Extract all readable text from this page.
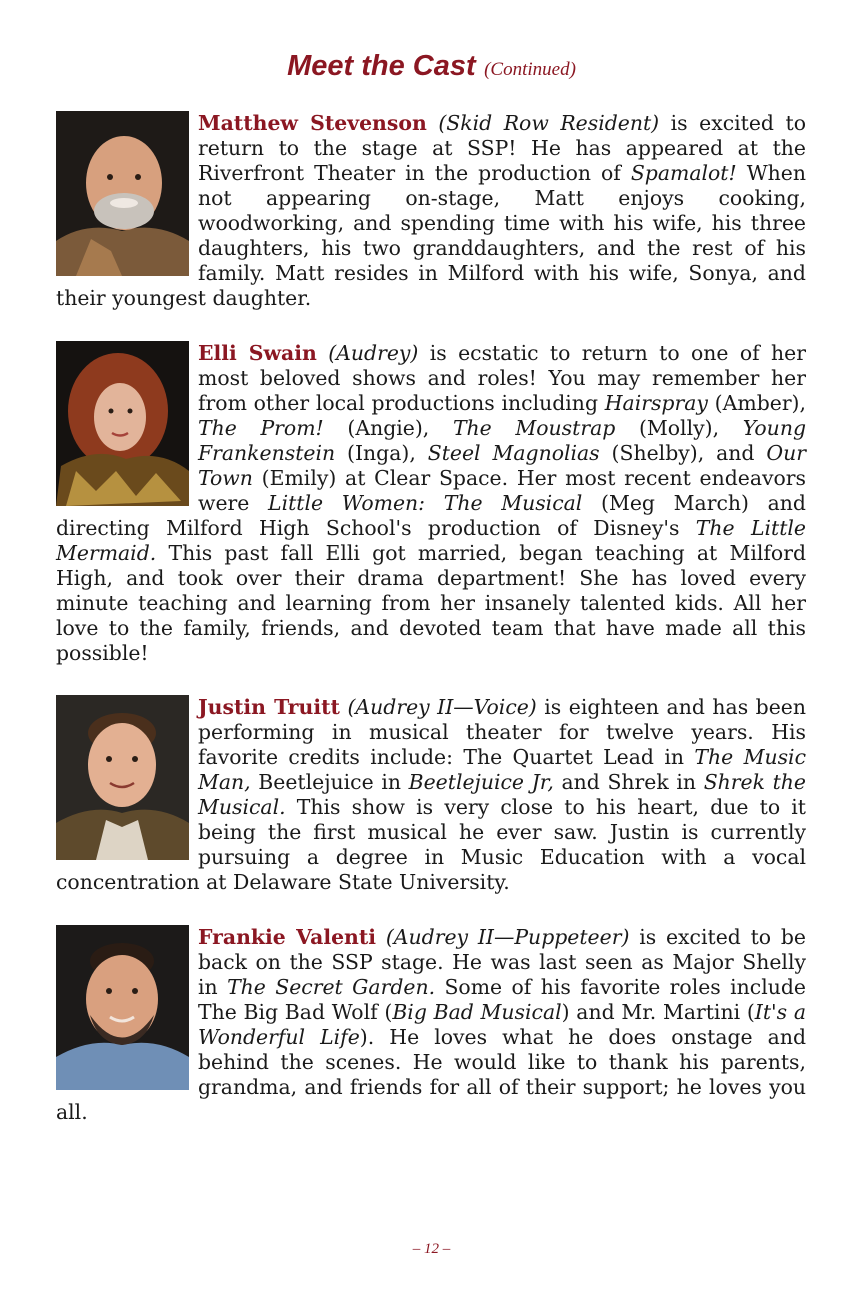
Meet the Cast (Continued)
Matthew Stevenson (Skid Row Resident) is excited to return to the stage at SSP! He has appeared at the Riverfront Theater in the production of Spamalot! When not appearing on-stage, Matt enjoys cooking, woodworking, and spending time with his wife, his three daughters, his two granddaughters, and the rest of his family. Matt resides in Milford with his wife, Sonya, and their youngest daughter.
Elli Swain (Audrey) is ecstatic to return to one of her most beloved shows and roles! You may remember her from other local productions including Hairspray (Amber), The Prom! (Angie), The Moustrap (Molly), Young Frankenstein (Inga), Steel Magnolias (Shelby), and Our Town (Emily) at Clear Space. Her most recent endeavors were Little Women: The Musical (Meg March) and directing Milford High School's production of Disney's The Little Mermaid. This past fall Elli got married, began teaching at Milford High, and took over their drama department! She has loved every minute teaching and learning from her insanely talented kids. All her love to the family, friends, and devoted team that have made all this possible!
Justin Truitt (Audrey II—Voice) is eighteen and has been performing in musical theater for twelve years. His favorite credits include: The Quartet Lead in The Music Man, Beetlejuice in Beetlejuice Jr, and Shrek in Shrek the Musical. This show is very close to his heart, due to it being the first musical he ever saw. Justin is currently pursuing a degree in Music Education with a vocal concentration at Delaware State University.
Frankie Valenti (Audrey II—Puppeteer) is excited to be back on the SSP stage. He was last seen as Major Shelly in The Secret Garden. Some of his favorite roles include The Big Bad Wolf (Big Bad Musical) and Mr. Martini (It's a Wonderful Life). He loves what he does onstage and behind the scenes. He would like to thank his parents, grandma, and friends for all of their support; he loves you all.
– 12 –
